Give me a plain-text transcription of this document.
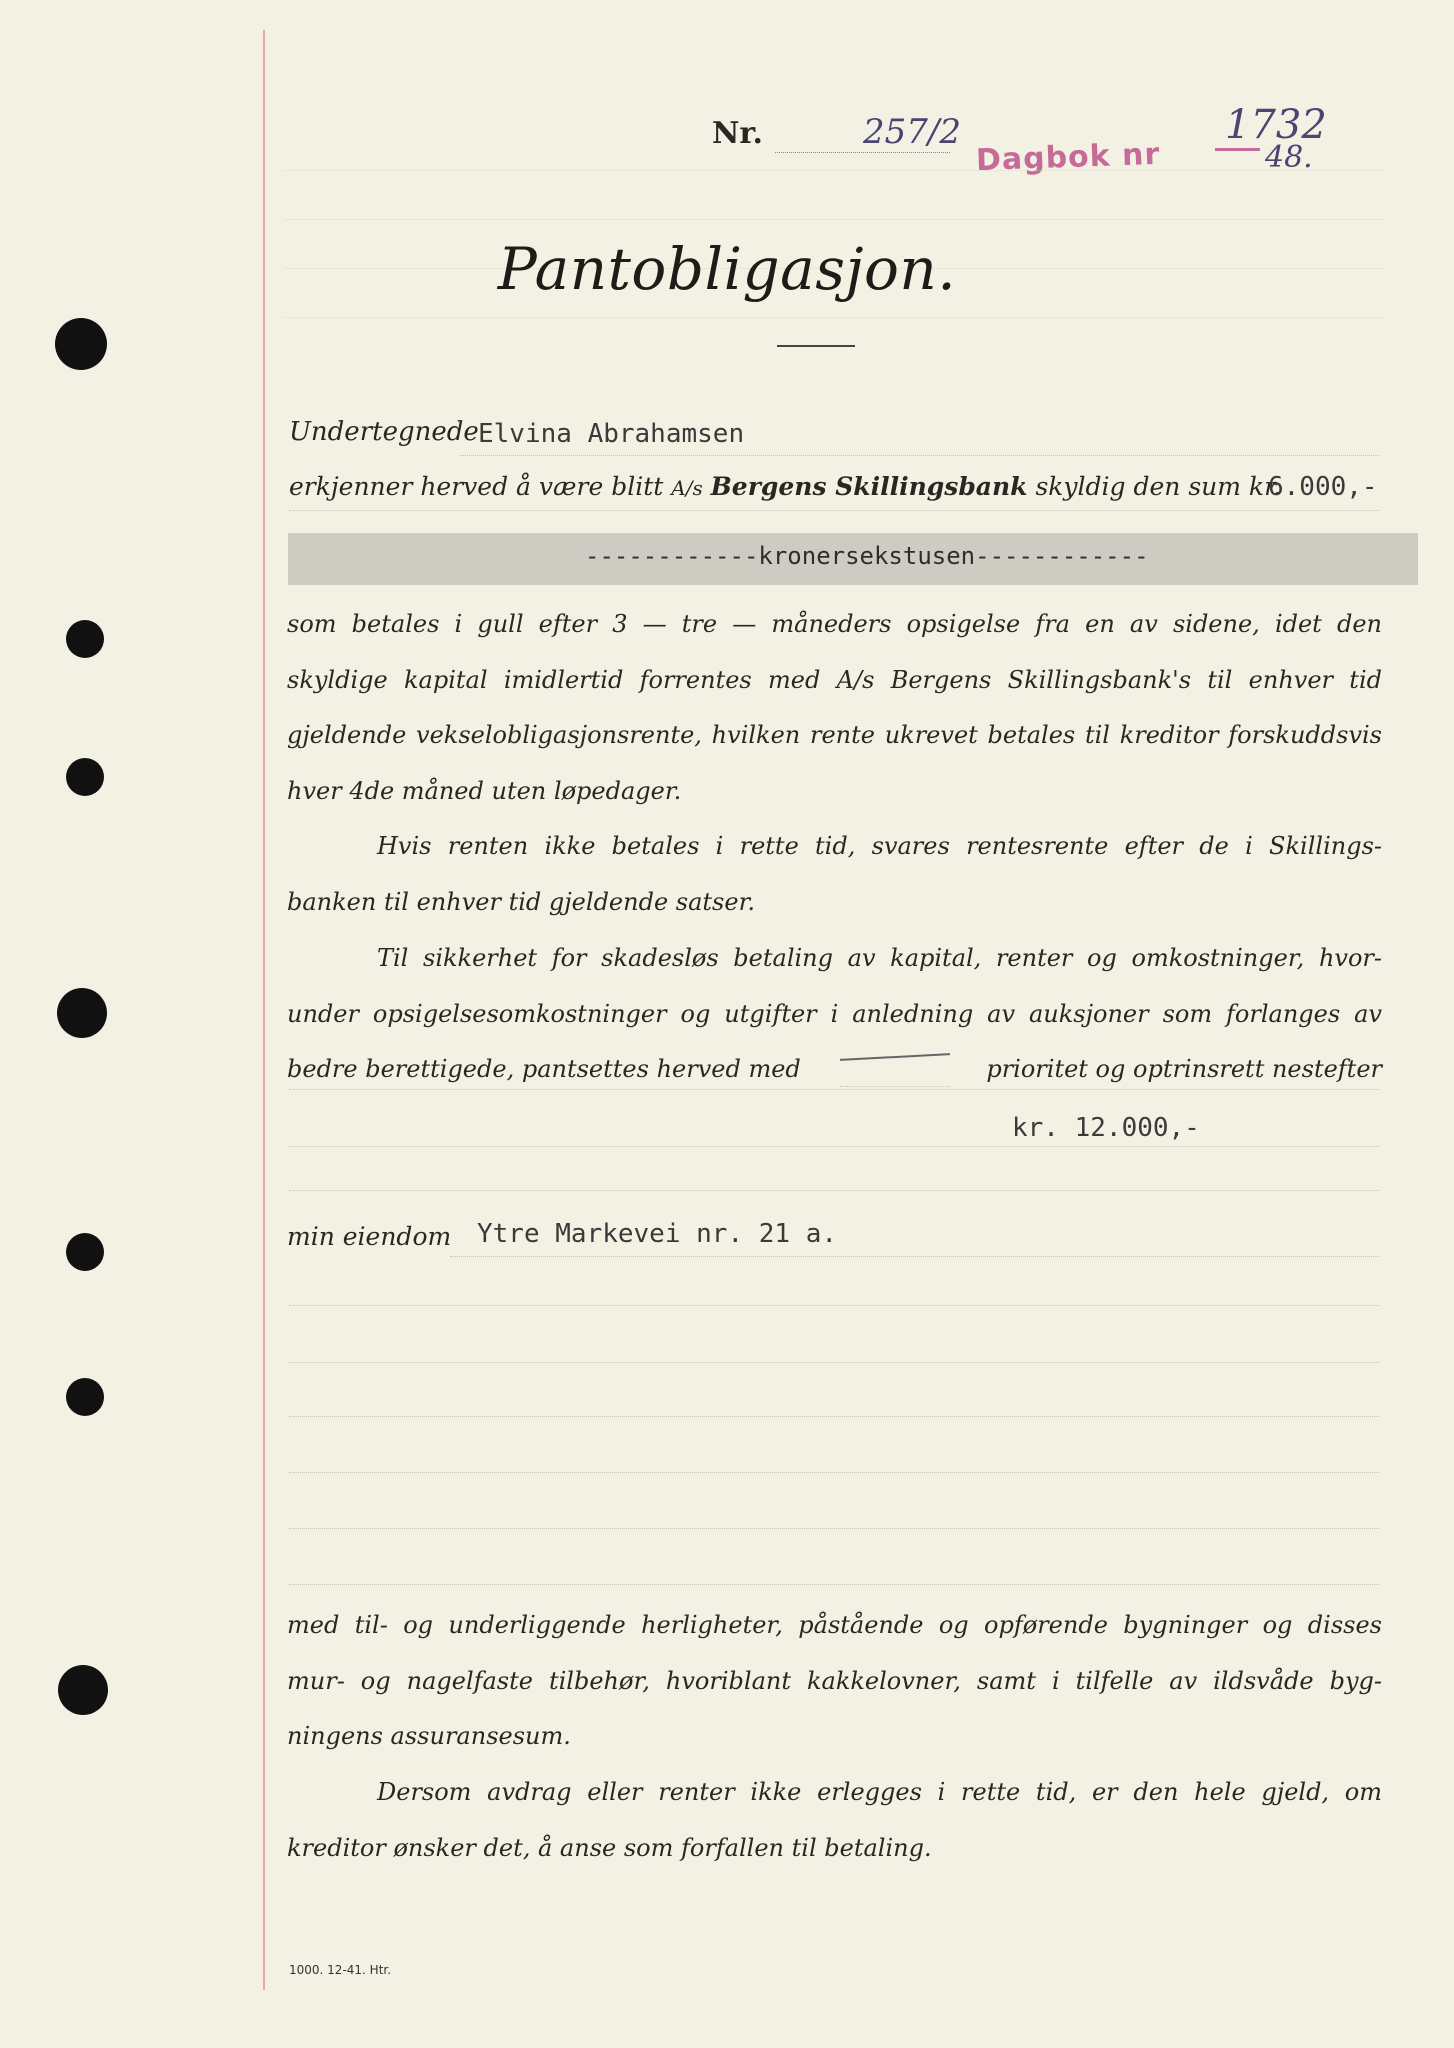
Nr.	257/2
Dagbok nr
1732
48.
Pantobligasjon.
Undertegnede Elvina Abrahamsen
erkjenner herved å være blitt A/s Bergens Skillingsbank skyldig den sum kr.
6.000,-
------------kronersekstusen------------
som betales i gull efter 3 — tre — måneders opsigelse fra en av sidene, idet den
skyldige kapital imidlertid forrentes med A/s Bergens Skillingsbank's til enhver tid
gjeldende vekselobligasjonsrente, hvilken rente ukrevet betales til kreditor forskuddsvis
hver 4de måned uten løpedager.
Hvis renten ikke betales i rette tid, svares rentesrente efter de i Skillings-
banken til enhver tid gjeldende satser.
Til sikkerhet for skadesløs betaling av kapital, renter og omkostninger, hvor-
under opsigelsesomkostninger og utgifter i anledning av auksjoner som forlanges av
bedre berettigede, pantsettes herved med	prioritet og optrinsrett nestefter
kr. 12.000,-
min eiendom Ytre Markevei nr. 21 a.
med til- og underliggende herligheter, påstående og opførende bygninger og disses
mur- og nagelfaste tilbehør, hvoriblant kakkelovner, samt i tilfelle av ildsvåde byg-
ningens assuransesum.
Dersom avdrag eller renter ikke erlegges i rette tid, er den hele gjeld, om
kreditor ønsker det, å anse som forfallen til betaling.
1000. 12-41. Htr.
